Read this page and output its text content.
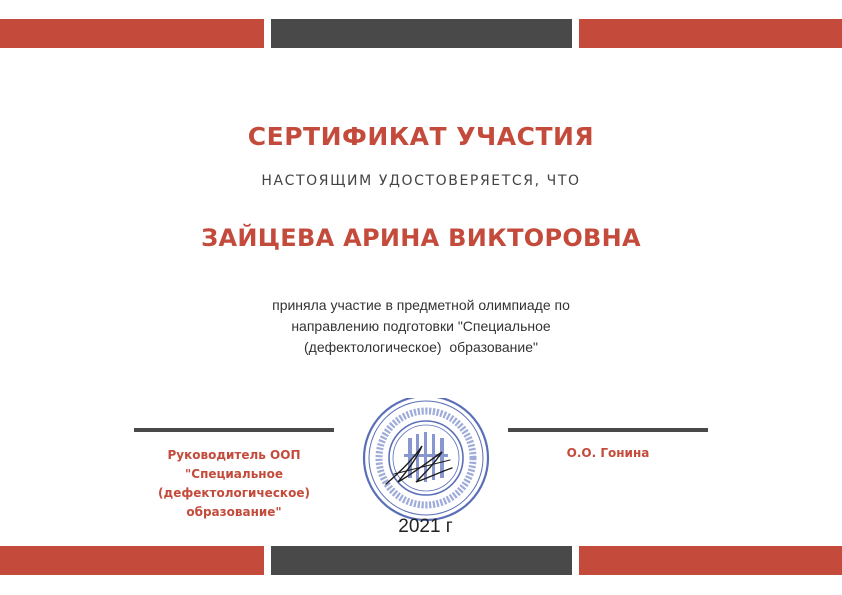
СЕРТИФИКАТ УЧАСТИЯ
НАСТОЯЩИМ УДОСТОВЕРЯЕТСЯ, ЧТО
ЗАЙЦЕВА АРИНА ВИКТОРОВНА
приняла участие в предметной олимпиаде по
направлению подготовки "Специальное
(дефектологическое)  образование"
Руководитель ООП
"Специальное
(дефектологическое)
образование"
О.О. Гонина
2021 г
